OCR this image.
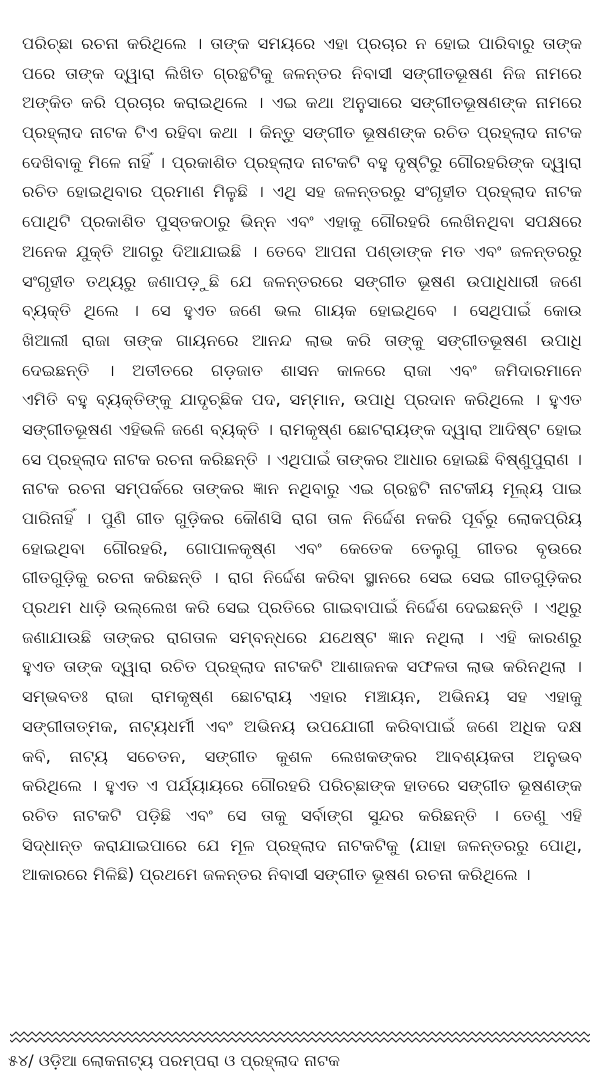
ପରିଚ୍ଛା ରଚନା କରିଥିଲେ । ତାଙ୍କ ସମୟରେ ଏହା ପ୍ରଚାର ନ ହୋଇ ପାରିବାରୁ ତାଙ୍କ
ପରେ ତାଙ୍କ ଦ୍ୱାରା ଲିଖିତ ଗ୍ରନ୍ଥଟିକୁ ଜଳନ୍ତର ନିବାସୀ ସଙ୍ଗୀତଭୂଷଣ ନିଜ ନାମରେ
ଅଙ୍କିତ କରି ପ୍ରଚାର କରାଇଥିଲେ । ଏଇ କଥା ଅନୁସାରେ ସଙ୍ଗୀତଭୂଷଣଙ୍କ ନାମରେ
ପ୍ରହ୍ଲାଦ ନାଟକ ଟିଏ ରହିବା କଥା । କିନ୍ତୁ ସଙ୍ଗୀତ ଭୂଷଣଙ୍କ ରଚିତ ପ୍ରହ୍ଲାଦ ନାଟକ
ଦେଖିବାକୁ ମିଳେ ନାହିଁ । ପ୍ରକାଶିତ ପ୍ରହ୍ଲାଦ ନାଟକଟି ବହୁ ଦୃଷ୍ଟିରୁ ଗୌରହରିଙ୍କ ଦ୍ୱାରା
ରଚିତ ହୋଇଥିବାର ପ୍ରମାଣ ମିଳୁଛି । ଏଥି ସହ ଜଳନ୍ତରରୁ ସଂଗୃହୀତ ପ୍ରହ୍ଲାଦ ନାଟକ
ପୋଥିଟି ପ୍ରକାଶିତ ପୁସ୍ତକଠାରୁ ଭିନ୍ନ ଏବଂ ଏହାକୁ ଗୌରହରି ଲେଖିନଥିବା ସପକ୍ଷରେ
ଅନେକ ଯୁକ୍ତି ଆଗରୁ ଦିଆଯାଇଛି । ତେବେ ଆପନା ପଣ୍ଡାଙ୍କ ମତ ଏବଂ ଜଳନ୍ତରରୁ
ସଂଗୃହୀତ ତଥ୍ୟରୁ ଜଣାପଡ଼ୁଛି ଯେ ଜଳନ୍ତରରେ ସଙ୍ଗୀତ ଭୂଷଣ ଉପାଧିଧାରୀ ଜଣେ
ବ୍ୟକ୍ତି ଥିଲେ । ସେ ହୁଏତ ଜଣେ ଭଲ ଗାୟକ ହୋଇଥିବେ । ସେଥିପାଇଁ କୋଉ
ଖିଆଲୀ ରାଜା ତାଙ୍କ ଗାୟନରେ ଆନନ୍ଦ ଲାଭ କରି ତାଙ୍କୁ ସଙ୍ଗୀତଭୂଷଣ ଉପାଧି
ଦେଇଛନ୍ତି । ଅତୀତରେ ଗଡ଼ଜାତ ଶାସନ କାଳରେ ରାଜା ଏବଂ ଜମିଦାରମାନେ
ଏମିତି ବହୁ ବ୍ୟକ୍ତିଙ୍କୁ ଯାଦୃଚ୍ଛିକ ପଦ, ସମ୍ମାନ, ଉପାଧି ପ୍ରଦାନ କରିଥିଲେ । ହୁଏତ
ସଙ୍ଗୀତଭୂଷଣ ଏହିଭଳି ଜଣେ ବ୍ୟକ୍ତି । ରାମକୃଷ୍ଣ ଛୋଟରାୟଙ୍କ ଦ୍ୱାରା ଆଦିଷ୍ଟ ହୋଇ
ସେ ପ୍ରହ୍ଲାଦ ନାଟକ ରଚନା କରିଛନ୍ତି । ଏଥିପାଇଁ ତାଙ୍କର ଆଧାର ହୋଇଛି ବିଷ୍ଣୁପୁରାଣ ।
ନାଟକ ରଚନା ସମ୍ପର୍କରେ ତାଙ୍କର ଜ୍ଞାନ ନଥିବାରୁ ଏଇ ଗ୍ରନ୍ଥଟି ନାଟକୀୟ ମୂଲ୍ୟ ପାଇ
ପାରିନାହିଁ । ପୁଣି ଗୀତ ଗୁଡ଼ିକର କୌଣସି ରାଗ ତାଳ ନିର୍ଦ୍ଦେଶ ନକରି ପୂର୍ବରୁ ଲୋକପ୍ରିୟ
ହୋଇଥିବା ଗୌରହରି, ଗୋପାଳକୃଷ୍ଣ ଏବଂ କେତେକ ତେଲୁଗୁ ଗୀତର ବୃଉରେ
ଗୀତଗୁଡ଼ିକୁ ରଚନା କରିଛନ୍ତି । ରାଗ ନିର୍ଦ୍ଦେଶ କରିବା ସ୍ଥାନରେ ସେଇ ସେଇ ଗୀତଗୁଡ଼ିକର
ପ୍ରଥମ ଧାଡ଼ି ଉଲ୍ଲେଖ କରି ସେଇ ପ୍ରତିରେ ଗାଇବାପାଇଁ ନିର୍ଦ୍ଦେଶ ଦେଇଛନ୍ତି । ଏଥିରୁ
ଜଣାଯାଉଛି ତାଙ୍କର ରାଗତାଳ ସମ୍ବନ୍ଧରେ ଯଥେଷ୍ଟ ଜ୍ଞାନ ନଥିଲା । ଏହି କାରଣରୁ
ହୁଏତ ତାଙ୍କ ଦ୍ୱାରା ରଚିତ ପ୍ରହ୍ଲାଦ ନାଟକଟି ଆଶାଜନକ ସଫଳତା ଲାଭ କରିନଥିଲା ।
ସମ୍ଭବତଃ ରାଜା ରାମକୃଷ୍ଣ ଛୋଟରାୟ ଏହାର ମଞ୍ଚାୟନ, ଅଭିନୟ ସହ ଏହାକୁ
ସଙ୍ଗୀତାତ୍ମକ, ନାଟ୍ୟଧର୍ମୀ ଏବଂ ଅଭିନୟ ଉପଯୋଗୀ କରିବାପାଇଁ ଜଣେ ଅଧିକ ଦକ୍ଷ
କବି, ନାଟ୍ୟ ସଚେତନ, ସଙ୍ଗୀତ କୁଶଳ ଲେଖକଙ୍କର ଆବଶ୍ୟକତା ଅନୁଭବ
କରିଥିଲେ । ହୁଏତ ଏ ପର୍ଯ୍ୟାୟରେ ଗୌରହରି ପରିଚ୍ଛାଙ୍କ ହାତରେ ସଙ୍ଗୀତ ଭୂଷଣଙ୍କ
ରଚିତ ନାଟକଟି ପଡ଼ିଛି ଏବଂ ସେ ତାକୁ ସର୍ବାଙ୍ଗ ସୁନ୍ଦର କରିଛନ୍ତି । ତେଣୁ ଏହି
ସିଦ୍ଧାନ୍ତ କରାଯାଇପାରେ ଯେ ମୂଳ ପ୍ରହ୍ଲାଦ ନାଟକଟିକୁ (ଯାହା ଜଳନ୍ତରରୁ ପୋଥି,
ଆକାରରେ ମିଳିଛି) ପ୍ରଥମେ ଜଳନ୍ତର ନିବାସୀ ସଙ୍ଗୀତ ଭୂଷଣ ରଚନା କରିଥିଲେ ।
୫୪/ ଓଡ଼ିଆ ଲୋକନାଟ୍ୟ ପରମ୍ପରା ଓ ପ୍ରହ୍ଲାଦ ନାଟକ
